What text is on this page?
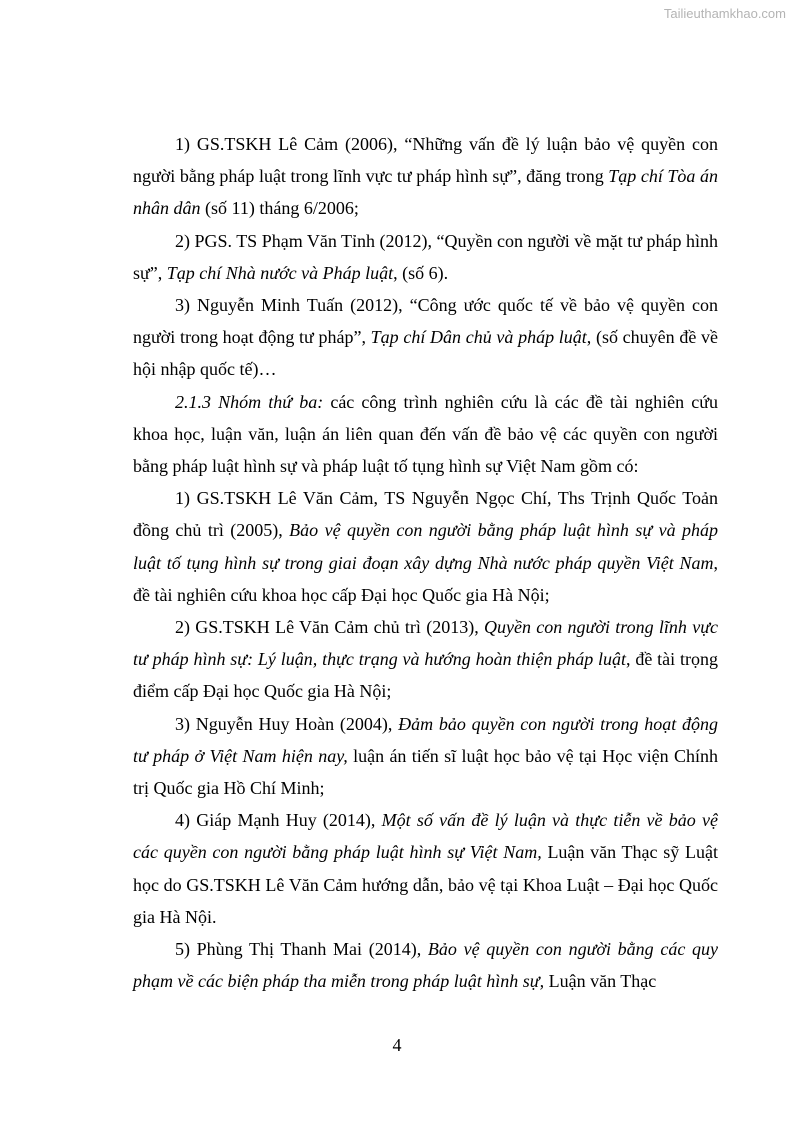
Tailieuthamkhao.com

1) GS.TSKH Lê Cảm (2006), “Những vấn đề lý luận bảo vệ quyền con người bằng pháp luật trong lĩnh vực tư pháp hình sự”, đăng trong Tạp chí Tòa án nhân dân (số 11) tháng 6/2006;

2) PGS. TS Phạm Văn Tỉnh (2012), “Quyền con người về mặt tư pháp hình sự”, Tạp chí Nhà nước và Pháp luật, (số 6).

3) Nguyễn Minh Tuấn (2012), “Công ước quốc tế về bảo vệ quyền con người trong hoạt động tư pháp”, Tạp chí Dân chủ và pháp luật, (số chuyên đề về hội nhập quốc tế)…

2.1.3 Nhóm thứ ba: các công trình nghiên cứu là các đề tài nghiên cứu khoa học, luận văn, luận án liên quan đến vấn đề bảo vệ các quyền con người bằng pháp luật hình sự và pháp luật tố tụng hình sự Việt Nam gồm có:

1) GS.TSKH Lê Văn Cảm, TS Nguyễn Ngọc Chí, Ths Trịnh Quốc Toản đồng chủ trì (2005), Bảo vệ quyền con người bằng pháp luật hình sự và pháp luật tố tụng hình sự trong giai đoạn xây dựng Nhà nước pháp quyền Việt Nam, đề tài nghiên cứu khoa học cấp Đại học Quốc gia Hà Nội;

2) GS.TSKH Lê Văn Cảm chủ trì (2013), Quyền con người trong lĩnh vực tư pháp hình sự: Lý luận, thực trạng và hướng hoàn thiện pháp luật, đề tài trọng điểm cấp Đại học Quốc gia Hà Nội;

3) Nguyễn Huy Hoàn (2004), Đảm bảo quyền con người trong hoạt động tư pháp ở Việt Nam hiện nay, luận án tiến sĩ luật học bảo vệ tại Học viện Chính trị Quốc gia Hồ Chí Minh;

4) Giáp Mạnh Huy (2014), Một số vấn đề lý luận và thực tiễn về bảo vệ các quyền con người bằng pháp luật hình sự Việt Nam, Luận văn Thạc sỹ Luật học do GS.TSKH Lê Văn Cảm hướng dẫn, bảo vệ tại Khoa Luật – Đại học Quốc gia Hà Nội.

5) Phùng Thị Thanh Mai (2014), Bảo vệ quyền con người bằng các quy phạm về các biện pháp tha miễn trong pháp luật hình sự, Luận văn Thạc

4
